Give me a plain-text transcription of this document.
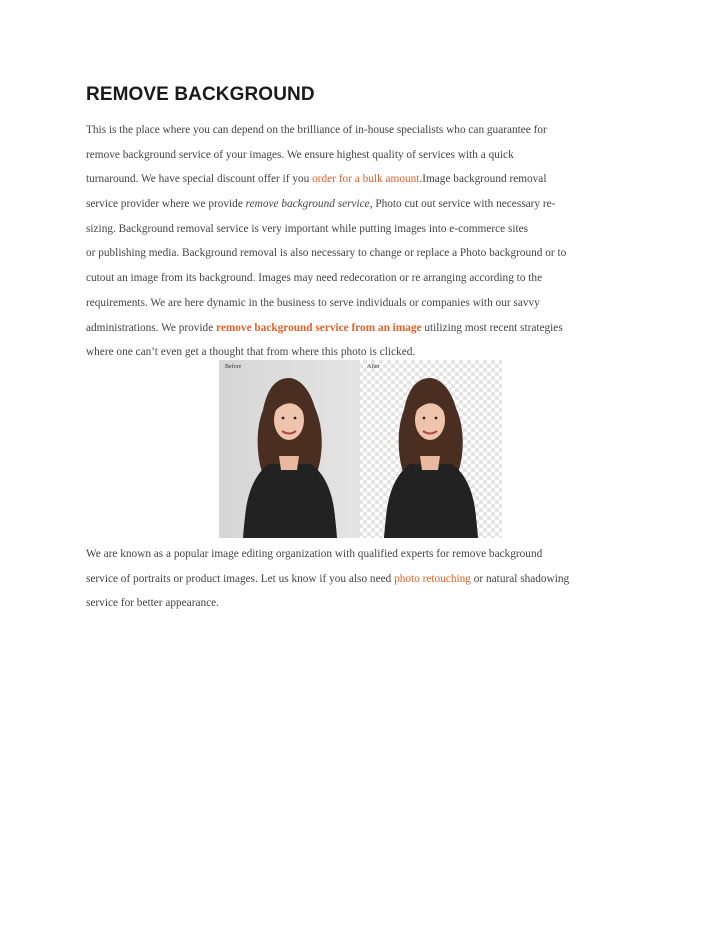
REMOVE BACKGROUND
This is the place where you can depend on the brilliance of in-house specialists who can guarantee for
remove background service of your images. We ensure highest quality of services with a quick
turnaround. We have special discount offer if you order for a bulk amount.Image background removal
service provider where we provide remove background service, Photo cut out service with necessary re-
sizing. Background removal service is very important while putting images into e-commerce sites
or publishing media. Background removal is also necessary to change or replace a Photo background or to
cutout an image from its background. Images may need redecoration or re arranging according to the
requirements. We are here dynamic in the business to serve individuals or companies with our savvy
administrations. We provide remove background service from an image utilizing most recent strategies
where one can’t even get a thought that from where this photo is clicked.
Before	After
We are known as a popular image editing organization with qualified experts for remove background
service of portraits or product images. Let us know if you also need photo retouching or natural shadowing
service for better appearance.
